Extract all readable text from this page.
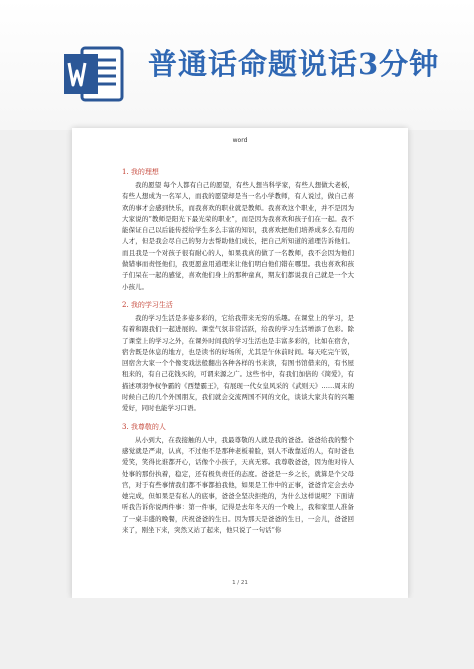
普通话命题说话3分钟
word
1. 我的理想

我的愿望 每个人都有自己的愿望，有些人想当科学家，有些人想做大老板，有些人想成为一名军人，而我的愿望却是当一名小学教师，有人说过，做自己喜欢的事才会感到快乐，而我喜欢的职业就是教师。我喜欢这个职业，并不是因为大家说的“教师是阳光下最光荣的职业”，而是因为我喜欢和孩子们在一起。我不能保证自己以后能传授给学生多么丰富的知识，我喜欢把他们培养成多么有用的人才，但是我会尽自己的努力去帮助他们成长，把自己所知道的道理告诉他们。而且我是一个对孩子很有耐心的人，如果我真的做了一名教师，我不会因为他们做错事而责怪他们，我更愿意用道理来让他们明白他们错在哪里。我也喜欢和孩子们呆在一起的感觉，喜欢他们身上的那种童真，期友们都说我自己就是一个大小孩儿。

2. 我的学习生活

我的学习生活是多姿多彩的，它给我带来无穷的乐趣。在课堂上的学习，是有着和跟我们一起进展的。课堂气氛非常活跃，给我的学习生活增添了色彩。除了课堂上的学习之外，在课外时间我的学习生活也是丰富多彩的，比如在宿舍，宿舍既是休息的地方，也是读书的好场所，尤其是午休前时间。每天吃完午饭，回宿舍大家一个个像变戏法般翻出各种各样的书来读，有图书馆借来的，有书屋租来的，有自己花钱买的，可谓来源之广。这些书中，有我们加倍的《简爱》，有描述项羽争权争霸的《西楚霸王》，有展现一代女皇风采的《武则天》……周末的时候自己的几个外国朋友，我们就会交流两国不同的文化，谈谈大家共有的兴趣爱好，同时也能学习口语。

3. 我尊敬的人

从小到大，在我接触的人中，我最尊敬的人就是我的爸爸。爸爸给我的整个感觉就是严肃，认真，不过他不是那种老板着脸，别人不敢靠近的人，有时爸也爱笑，笑得比谁都开心，话像个小孩子，天真无邪。我尊敬爸爸，因为他对待人处事的那份执着，稳定，还有极负责任的态度。爸爸是一乡之长，就算是个父母官，对于有些事情我们都不事都拍我他，如果是工作中的正事，爸爸肯定会去办她完成，但如果是有私人的底事，爸爸全坚决拒绝的，为什么这样说呢？下面请听我告诉你说两件事：第一件事，记得是去年冬天的一个晚上，我和家里人准备了一桌丰盛的晚餐，庆祝爸爸的生日。因为那天是爸爸的生日，一会儿，爸爸回来了，刚坐下来，突然又站了起来，他只说了一句话“你

1 / 21
